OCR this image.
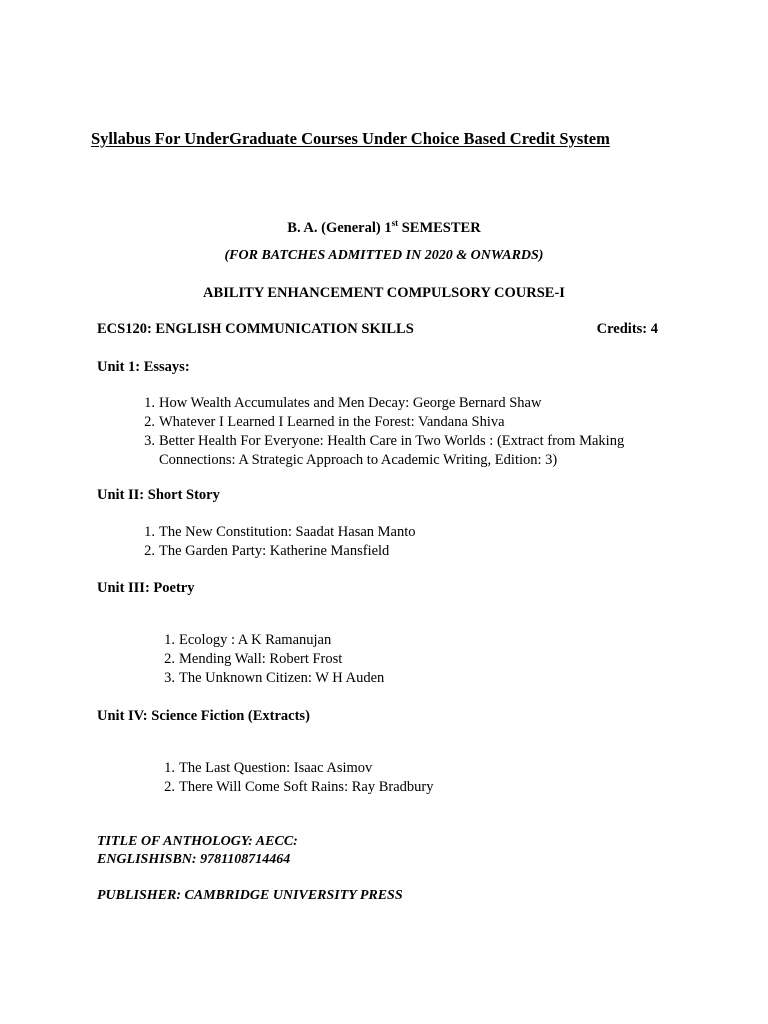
Syllabus For UnderGraduate Courses Under Choice Based Credit System
B. A. (General) 1st SEMESTER
(FOR BATCHES ADMITTED IN 2020 & ONWARDS)
ABILITY ENHANCEMENT COMPULSORY COURSE-I
ECS120: ENGLISH COMMUNICATION SKILLS	Credits: 4
Unit 1: Essays:
1. How Wealth Accumulates and Men Decay: George Bernard Shaw
2. Whatever I Learned I Learned in the Forest: Vandana Shiva
3. Better Health For Everyone: Health Care in Two Worlds : (Extract from Making
Connections: A Strategic Approach to Academic Writing, Edition: 3)
Unit II: Short Story
1. The New Constitution: Saadat Hasan Manto
2. The Garden Party: Katherine Mansfield
Unit III: Poetry
1. Ecology : A K Ramanujan
2. Mending Wall: Robert Frost
3. The Unknown Citizen: W H Auden
Unit IV: Science Fiction (Extracts)
1. The Last Question: Isaac Asimov
2. There Will Come Soft Rains: Ray Bradbury
TITLE OF ANTHOLOGY: AECC:
ENGLISHISBN: 9781108714464
PUBLISHER: CAMBRIDGE UNIVERSITY PRESS
